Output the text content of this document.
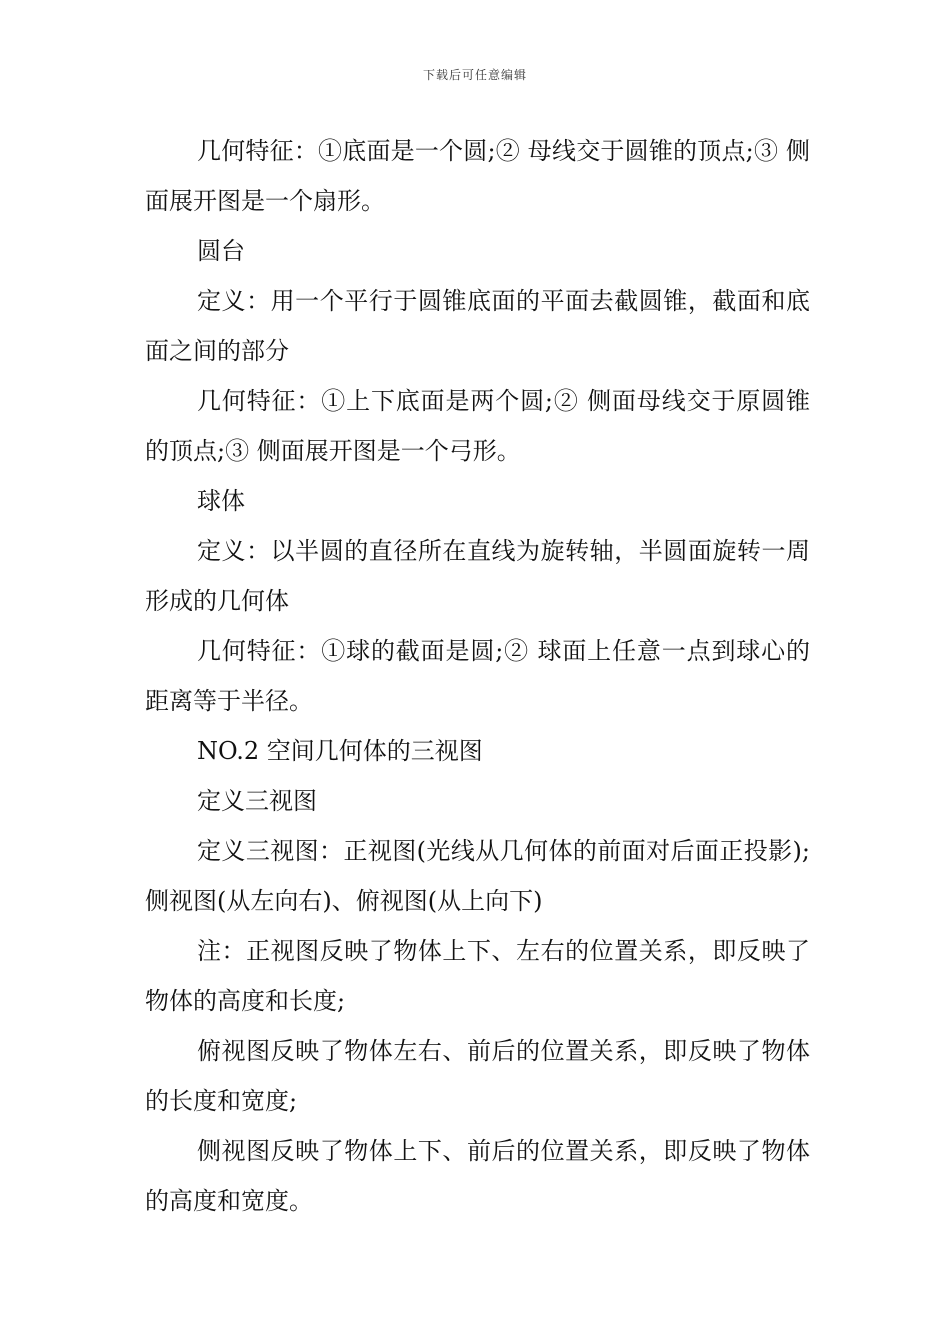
下载后可任意编辑

几何特征：①底面是一个圆;② 母线交于圆锥的顶点;③ 侧面展开图是一个扇形。

圆台

定义：用一个平行于圆锥底面的平面去截圆锥，截面和底面之间的部分

几何特征：①上下底面是两个圆;② 侧面母线交于原圆锥的顶点;③ 侧面展开图是一个弓形。

球体

定义：以半圆的直径所在直线为旋转轴，半圆面旋转一周形成的几何体

几何特征：①球的截面是圆;② 球面上任意一点到球心的距离等于半径。

NO.2 空间几何体的三视图

定义三视图

定义三视图：正视图(光线从几何体的前面对后面正投影);侧视图(从左向右)、俯视图(从上向下)

注：正视图反映了物体上下、左右的位置关系，即反映了物体的高度和长度;

俯视图反映了物体左右、前后的位置关系，即反映了物体的长度和宽度;

侧视图反映了物体上下、前后的位置关系，即反映了物体的高度和宽度。
